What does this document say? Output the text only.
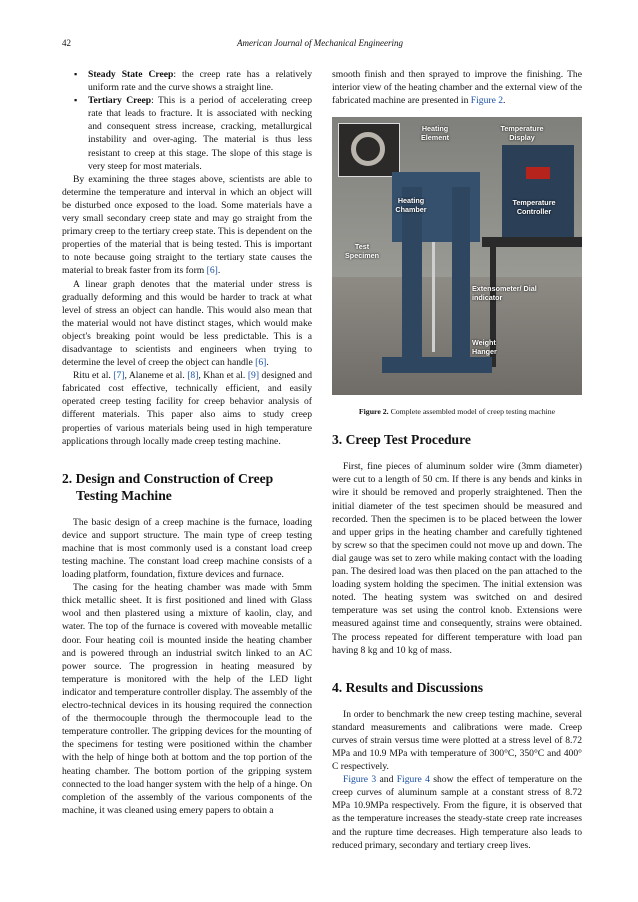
42	American Journal of Mechanical Engineering
▪ Steady State Creep: the creep rate has a relatively uniform rate and the curve shows a straight line.
▪ Tertiary Creep: This is a period of accelerating creep rate that leads to fracture. It is associated with necking and consequent stress increase, cracking, metallurgical instability and over-aging. The material is thus less resistant to creep at this stage. The slope of this stage is very steep for most materials.

By examining the three stages above, scientists are able to determine the temperature and interval in which an object will be disturbed once exposed to the load. Some materials have a very small secondary creep state and may go straight from the primary creep to the tertiary creep state. This is dependent on the properties of the material that is being tested. This is important to note because going straight to the tertiary state causes the material to break faster from its form [6].

A linear graph denotes that the material under stress is gradually deforming and this would be harder to track at what level of stress an object can handle. This would also mean that the material would not have distinct stages, which would make object's breaking point would be less predictable. This is a disadvantage to scientists and engineers when trying to determine the level of creep the object can handle [6].

Ritu et al. [7], Alaneme et al. [8], Khan et al. [9] designed and fabricated cost effective, technically efficient, and easily operated creep testing facility for creep behavior analysis of different materials. This paper also aims to study creep properties of various materials being used in high temperature applications through locally made creep testing machine.

2. Design and Construction of Creep
Testing Machine

The basic design of a creep machine is the furnace, loading device and support structure. The main type of creep testing machine that is most commonly used is a constant load creep testing machine. The constant load creep machine consists of a loading platform, foundation, fixture devices and furnace.

The casing for the heating chamber was made with 5mm thick metallic sheet. It is first positioned and lined with Glass wool and then plastered using a mixture of kaolin, clay, and water. The top of the furnace is covered with moveable metallic door. Four heating coil is mounted inside the heating chamber and is powered through an industrial switch linked to an AC power source. The progression in heating measured by temperature is monitored with the help of the LED light indicator and temperature controller display. The assembly of the electro-technical devices in its housing required the connection of the thermocouple through the thermocouple lead to the temperature controller. The gripping devices for the mounting of the specimens for testing were positioned within the chamber with the help of hinge both at bottom and the top portion of the heating chamber. The bottom portion of the gripping system connected to the load hanger system with the help of a hinge. On completion of the assembly of the various components of the machine, it was cleaned using emery papers to obtain a

smooth finish and then sprayed to improve the finishing. The interior view of the heating chamber and the external view of the fabricated machine are presented in Figure 2.

Heating Element
Temperature Display
Heating Chamber
Temperature Controller
Test Specimen
Extensometer/ Dial indicator
Weight Hanger

Figure 2. Complete assembled model of creep testing machine

3. Creep Test Procedure

First, fine pieces of aluminum solder wire (3mm diameter) were cut to a length of 50 cm. If there is any bends and kinks in wire it should be removed and properly straightened. Then the initial diameter of the test specimen should be measured and recorded. Then the specimen is to be placed between the lower and upper grips in the heating chamber and carefully tightened by screw so that the specimen could not move up and down. The dial gauge was set to zero while making contact with the loading pan. The desired load was then placed on the pan attached to the loading system holding the specimen. The initial extension was noted. The heating system was switched on and desired temperature was set using the control knob. Extensions were measured against time and consequently, strains were obtained. The process repeated for different temperature with load pan having 8 kg and 10 kg of mass.

4. Results and Discussions

In order to benchmark the new creep testing machine, several standard measurements and calibrations were made. Creep curves of strain versus time were plotted at a stress level of 8.72 MPa and 10.9 MPa with temperature of 300°C, 350°C and 400° C respectively.

Figure 3 and Figure 4 show the effect of temperature on the creep curves of aluminum sample at a constant stress of 8.72 MPa 10.9MPa respectively. From the figure, it is observed that as the temperature increases the steady-state creep rate increases and the rupture time decreases. High temperature also leads to reduced primary, secondary and tertiary creep lives.
